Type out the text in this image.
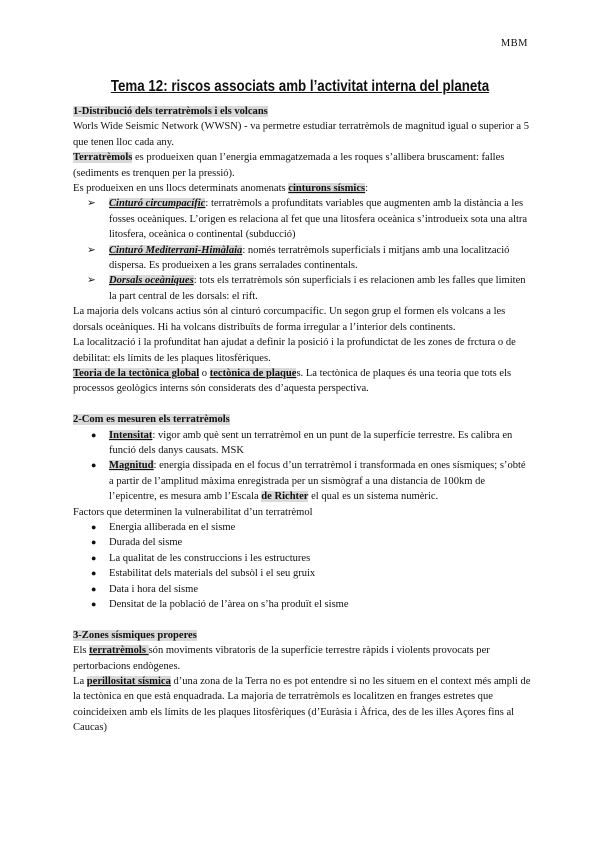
MBM
Tema 12: riscos associats amb l’activitat interna del planeta

1-Distribució dels terratrèmols i els volcans

Worls Wide Seismic Network (WWSN) - va permetre estudiar terratrèmols de magnitud igual o superior a 5 que tenen lloc cada any.

Terratrèmols es produeixen quan l’energia emmagatzemada a les roques s’allibera bruscament: falles (sediments es trenquen per la pressió).

Es produeixen en uns llocs determinats anomenats cinturons sísmics:

➢ Cinturó circumpacífic: terratrèmols a profunditats variables que augmenten amb la distància a les fosses oceàniques. L’origen es relaciona al fet que una litosfera oceànica s’introdueix sota una altra litosfera, oceànica o continental (subducció)
➢ Cinturó Mediterrani-Himàlaia: només terratrèmols superficials i mitjans amb una localització dispersa. Es produeixen a les grans serralades continentals.
➢ Dorsals oceàniques: tots els terratrèmols són superficials i es relacionen amb les falles que limiten la part central de les dorsals: el rift.

La majoria dels volcans actius són al cinturó corcumpacífic. Un segon grup el formen els volcans a les dorsals oceàniques. Hi ha volcans distribuïts de forma irregular a l’interior dels continents.

La localització i la profunditat han ajudat a definir la posició i la profundictat de les zones de frctura o de debilitat: els límits de les plaques litosfèriques.

Teoria de la tectònica global o tectònica de plaques. La tectònica de plaques és una teoria que tots els processos geològics interns són considerats des d’aquesta perspectiva.

2-Com es mesuren els terratrèmols

● Intensitat: vigor amb què sent un terratrèmol en un punt de la superfície terrestre. Es calibra en funció dels danys causats. MSK
● Magnitud: energia dissipada en el focus d’un terratrèmol i transformada en ones sísmiques; s’obté a partir de l’amplitud màxima enregistrada per un sismògraf a una distancia de 100km de l’epicentre, es mesura amb l’Escala de Richter el qual es un sistema numèric.

Factors que determinen la vulnerabilitat d’un terratrèmol

● Energia alliberada en el sisme
● Durada del sisme
● La qualitat de les construccions i les estructures
● Estabilitat dels materials del subsòl i el seu gruix
● Data i hora del sisme
● Densitat de la població de l’àrea on s’ha produït el sisme

3-Zones sísmiques properes

Els terratrèmols són moviments vibratoris de la superfície terrestre ràpids i violents provocats per pertorbacions endògenes.

La perillositat sísmica d’una zona de la Terra no es pot entendre si no les situem en el context més ampli de la tectònica en que està enquadrada. La majoria de terratrèmols es localitzen en franges estretes que coincideixen amb els límits de les plaques litosfèriques (d’Euràsia i Àfrica, des de les illes Açores fins al Caucas)
